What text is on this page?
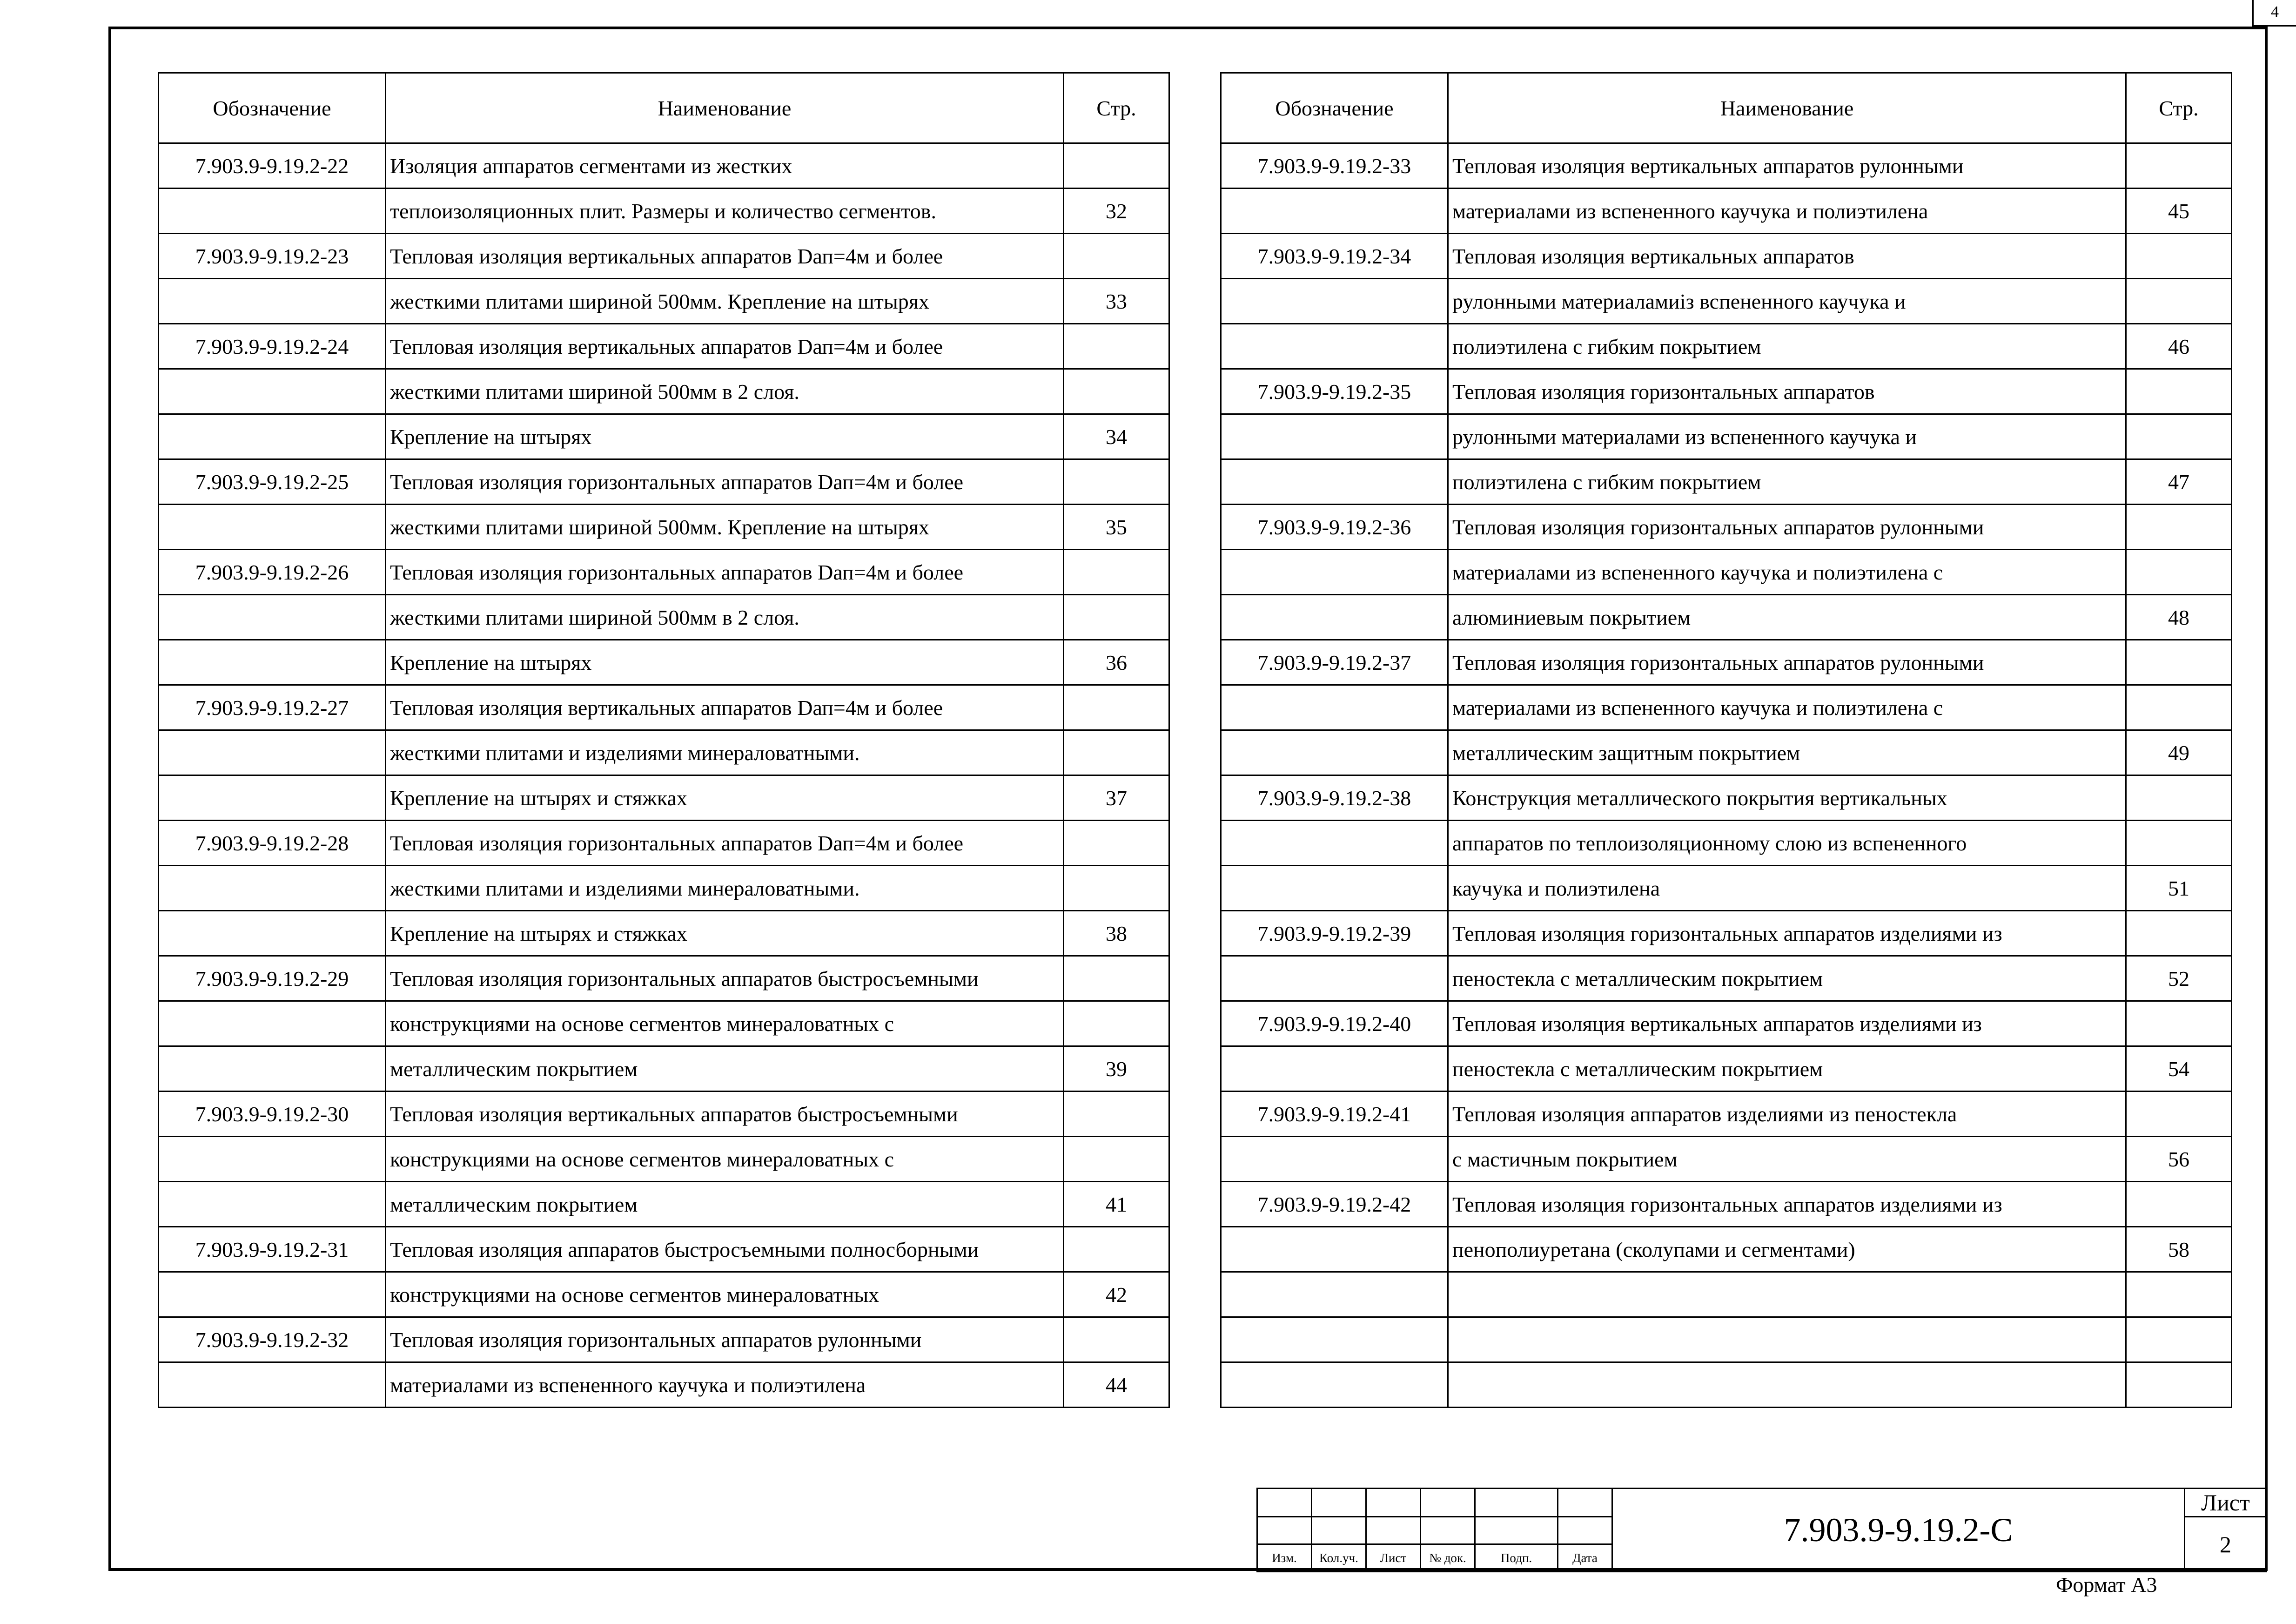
4
Обозначение	Наименование	Стр.
7.903.9-9.19.2-22	Изоляция аппаратов сегментами из жестких	
	теплоизоляционных плит. Размеры и количество сегментов.	32
7.903.9-9.19.2-23	Тепловая изоляция вертикальных аппаратов Dап=4м и более	
	жесткими плитами шириной 500мм. Крепление на штырях	33
7.903.9-9.19.2-24	Тепловая изоляция вертикальных аппаратов Dап=4м и более	
	жесткими плитами шириной 500мм в 2 слоя.	
	Крепление на штырях	34
7.903.9-9.19.2-25	Тепловая изоляция горизонтальных аппаратов Dап=4м и более	
	жесткими плитами шириной 500мм. Крепление на штырях	35
7.903.9-9.19.2-26	Тепловая изоляция горизонтальных аппаратов Dап=4м и более	
	жесткими плитами шириной 500мм в 2 слоя.	
	Крепление на штырях	36
7.903.9-9.19.2-27	Тепловая изоляция вертикальных аппаратов Dап=4м и более	
	жесткими плитами и изделиями минераловатными.	
	Крепление на штырях и стяжках	37
7.903.9-9.19.2-28	Тепловая изоляция горизонтальных аппаратов Dап=4м и более	
	жесткими плитами и изделиями минераловатными.	
	Крепление на штырях и стяжках	38
7.903.9-9.19.2-29	Тепловая изоляция горизонтальных аппаратов быстросъемными	
	конструкциями на основе сегментов минераловатных с	
	металлическим покрытием	39
7.903.9-9.19.2-30	Тепловая изоляция вертикальных аппаратов быстросъемными	
	конструкциями на основе сегментов минераловатных с	
	металлическим покрытием	41
7.903.9-9.19.2-31	Тепловая изоляция аппаратов быстросъемными полносборными	
	конструкциями на основе сегментов минераловатных	42
7.903.9-9.19.2-32	Тепловая изоляция горизонтальных аппаратов рулонными	
	материалами из вспененного каучука и полиэтилена	44
Обозначение	Наименование	Стр.
7.903.9-9.19.2-33	Тепловая изоляция вертикальных аппаратов рулонными	
	материалами из вспененного каучука и полиэтилена	45
7.903.9-9.19.2-34	Тепловая изоляция вертикальных аппаратов	
	рулонными материаламиiз вспененного каучука и	
	полиэтилена с гибким покрытием	46
7.903.9-9.19.2-35	Тепловая изоляция горизонтальных аппаратов	
	рулонными материалами из вспененного каучука и	
	полиэтилена с гибким покрытием	47
7.903.9-9.19.2-36	Тепловая изоляция горизонтальных аппаратов рулонными	
	материалами из вспененного каучука и полиэтилена с	
	алюминиевым покрытием	48
7.903.9-9.19.2-37	Тепловая изоляция горизонтальных аппаратов рулонными	
	материалами из вспененного каучука и полиэтилена с	
	металлическим защитным покрытием	49
7.903.9-9.19.2-38	Конструкция металлического покрытия вертикальных	
	аппаратов по теплоизоляционному слою из вспененного	
	каучука и полиэтилена	51
7.903.9-9.19.2-39	Тепловая изоляция горизонтальных аппаратов изделиями из	
	пеностекла с металлическим покрытием	52
7.903.9-9.19.2-40	Тепловая изоляция вертикальных аппаратов изделиями из	
	пеностекла с металлическим покрытием	54
7.903.9-9.19.2-41	Тепловая изоляция аппаратов изделиями из пеностекла	
	с мастичным покрытием	56
7.903.9-9.19.2-42	Тепловая изоляция горизонтальных аппаратов изделиями из	
	пенополиуретана (сколупами и сегментами)	58

						7.903.9-9.19.2-С	Лист
							2
Изм.	Кол.уч.	Лист	№ док.	Подп.	Дата		
Формат А3
